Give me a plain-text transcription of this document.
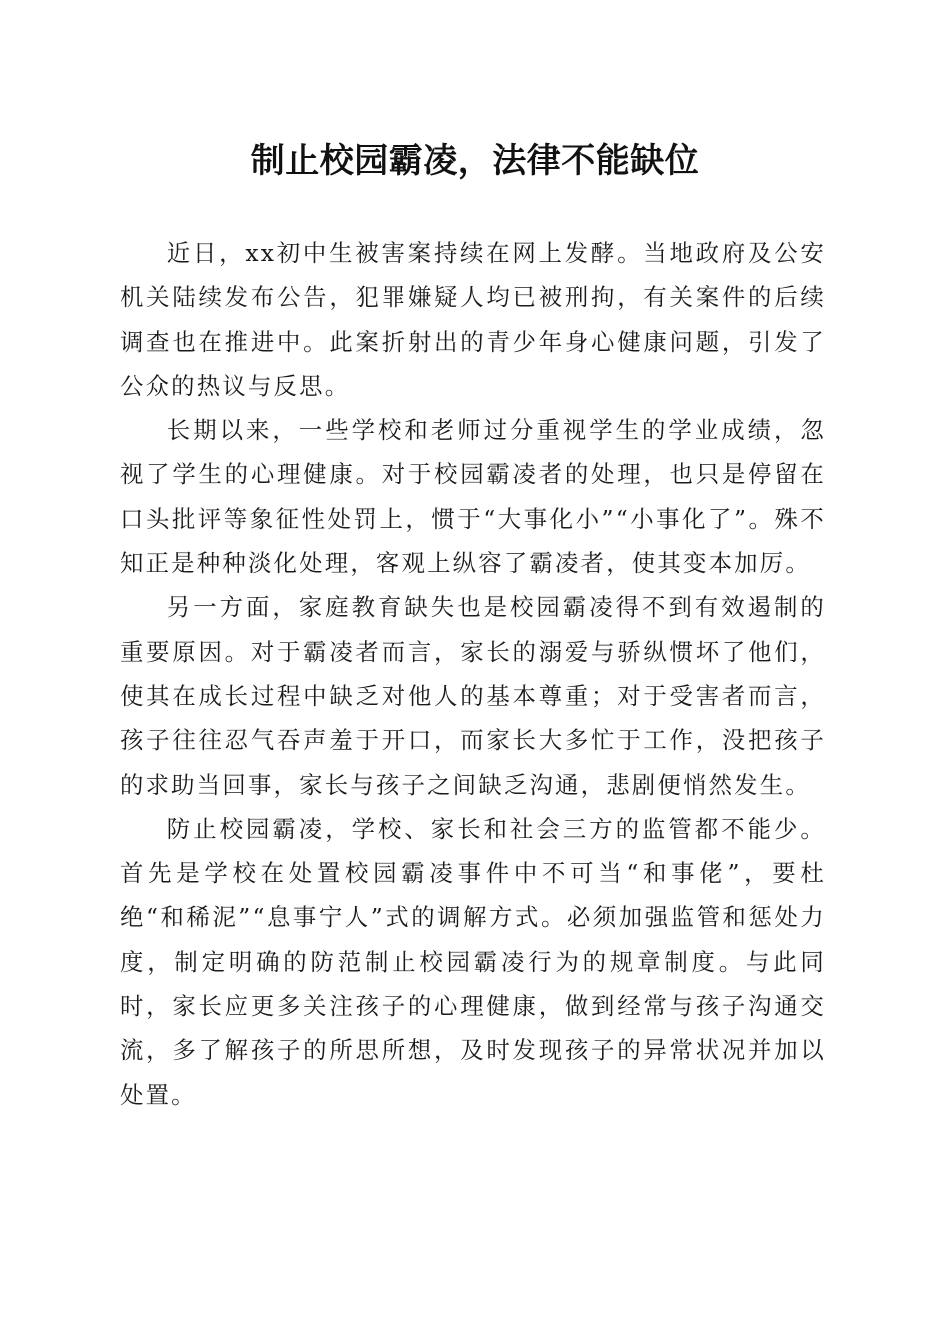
制止校园霸凌，法律不能缺位

近日，xx初中生被害案持续在网上发酵。当地政府及公安机关陆续发布公告，犯罪嫌疑人均已被刑拘，有关案件的后续调查也在推进中。此案折射出的青少年身心健康问题，引发了公众的热议与反思。

长期以来，一些学校和老师过分重视学生的学业成绩，忽视了学生的心理健康。对于校园霸凌者的处理，也只是停留在口头批评等象征性处罚上，惯于“大事化小”“小事化了”。殊不知正是种种淡化处理，客观上纵容了霸凌者，使其变本加厉。

另一方面，家庭教育缺失也是校园霸凌得不到有效遏制的重要原因。对于霸凌者而言，家长的溺爱与骄纵惯坏了他们，使其在成长过程中缺乏对他人的基本尊重；对于受害者而言，孩子往往忍气吞声羞于开口，而家长大多忙于工作，没把孩子的求助当回事，家长与孩子之间缺乏沟通，悲剧便悄然发生。

防止校园霸凌，学校、家长和社会三方的监管都不能少。首先是学校在处置校园霸凌事件中不可当“和事佬”，要杜绝“和稀泥”“息事宁人”式的调解方式。必须加强监管和惩处力度，制定明确的防范制止校园霸凌行为的规章制度。与此同时，家长应更多关注孩子的心理健康，做到经常与孩子沟通交流，多了解孩子的所思所想，及时发现孩子的异常状况并加以处置。
